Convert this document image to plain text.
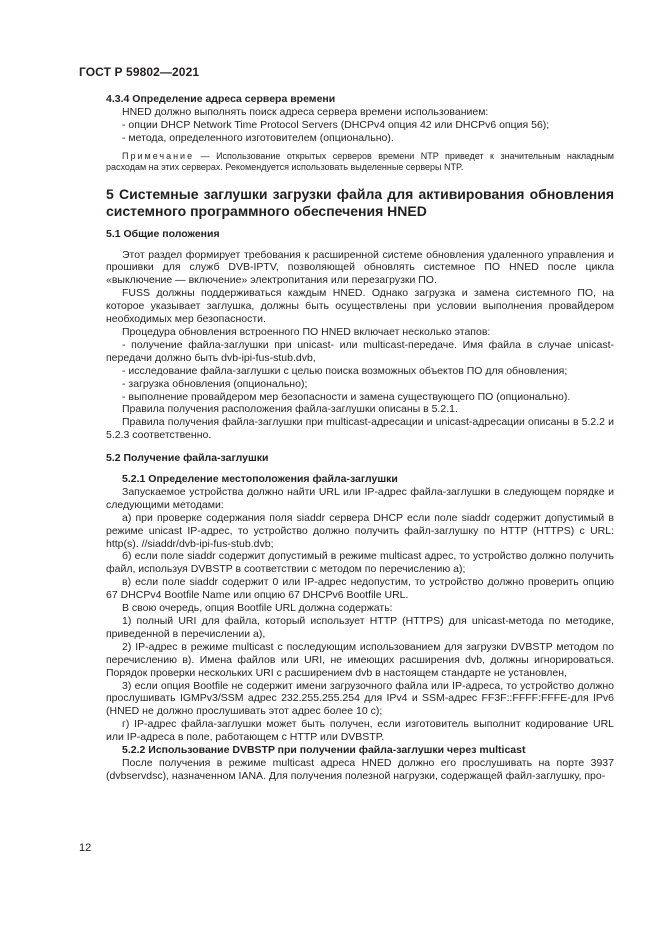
ГОСТ Р 59802—2021

4.3.4 Определение адреса сервера времени

HNED должно выполнять поиск адреса сервера времени использованием:

- опции DHCP Network Time Protocol Servers (DHCPv4 опция 42 или DHCPv6 опция 56);

- метода, определенного изготовителем (опционально).

Примечание — Использование открытых серверов времени NTP приведет к значительным накладным расходам на этих серверах. Рекомендуется использовать выделенные серверы NTP.

5 Системные заглушки загрузки файла для активирования обновления системного программного обеспечения HNED

5.1 Общие положения

Этот раздел формирует требования к расширенной системе обновления удаленного управления и прошивки для служб DVB-IPTV, позволяющей обновлять системное ПО HNED после цикла «выключение — включение» электропитания или перезагрузки ПО.

FUSS должны поддерживаться каждым HNED. Однако загрузка и замена системного ПО, на которое указывает заглушка, должны быть осуществлены при условии выполнения провайдером необходимых мер безопасности.

Процедура обновления встроенного ПО HNED включает несколько этапов:

- получение файла-заглушки при unicast- или multicast-передаче. Имя файла в случае unicast-передачи должно быть dvb-ipi-fus-stub.dvb,

- исследование файла-заглушки с целью поиска возможных объектов ПО для обновления;

- загрузка обновления (опционально);

- выполнение провайдером мер безопасности и замена существующего ПО (опционально).

Правила получения расположения файла-заглушки описаны в 5.2.1.

Правила получения файла-заглушки при multicast-адресации и unicast-адресации описаны в 5.2.2 и 5.2.3 соответственно.

5.2 Получение файла-заглушки

5.2.1 Определение местоположения файла-заглушки

Запускаемое устройства должно найти URL или IP-адрес файла-заглушки в следующем порядке и следующими методами:

а) при проверке содержания поля siaddr сервера DHCP если поле siaddr содержит допустимый в режиме unicast IP-адрес, то устройство должно получить файл-заглушку по HTTP (HTTPS) с URL: http(s). //siaddr/dvb-ipi-fus-stub.dvb;

б) если поле siaddr содержит допустимый в режиме multicast адрес, то устройство должно получить файл, используя DVBSTP в соответствии с методом по перечислению а);

в) если поле siaddr содержит 0 или IP-адрес недопустим, то устройство должно проверить опцию 67 DHCPv4 Bootfile Name или опцию 67 DHCPv6 Bootfile URL.

В свою очередь, опция Bootfile URL должна содержать:

1) полный URI для файла, который использует HTTP (HTTPS) для unicast-метода по методике, приведенной в перечислении а),

2) IP-адрес в режиме multicast с последующим использованием для загрузки DVBSTP методом по перечислению в). Имена файлов или URI, не имеющих расширения dvb, должны игнорироваться. Порядок проверки нескольких URI с расширением dvb в настоящем стандарте не установлен,

3) если опция Bootfile не содержит имени загрузочного файла или IP-адреса, то устройство должно прослушивать IGMPv3/SSM адрес 232.255.255.254 для IPv4 и SSM-адрес FF3F::FFFF:FFFE-для IPv6 (HNED не должно прослушивать этот адрес более 10 с);

г) IP-адрес файла-заглушки может быть получен, если изготовитель выполнит кодирование URL или IP-адреса в поле, работающем с HTTP или DVBSTP.

5.2.2 Использование DVBSTP при получении файла-заглушки через multicast

После получения в режиме multicast адреса HNED должно его прослушивать на порте 3937 (dvbservdsc), назначенном IANA. Для получения полезной нагрузки, содержащей файл-заглушку, про-

12
